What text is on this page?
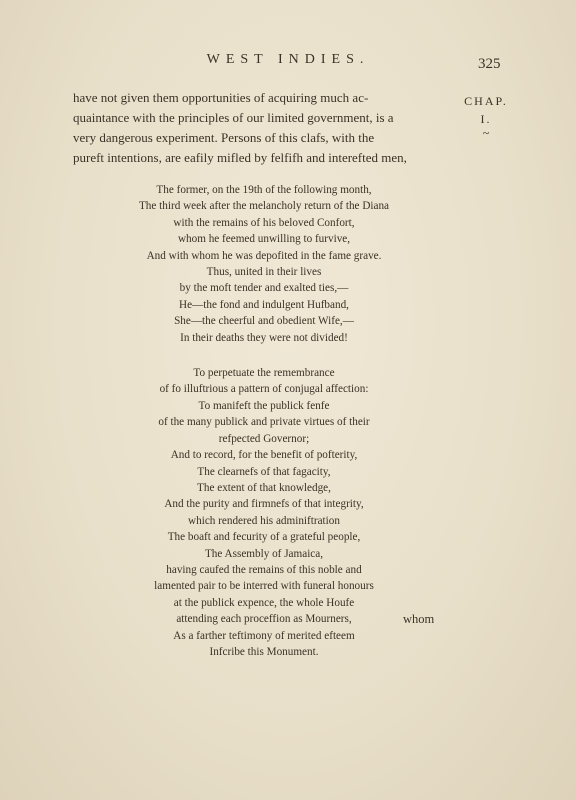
WEST INDIES.	325
CHAP.
I.
~
have not given them opportunities of acquiring much ac-
quaintance with the principles of our limited government, is a
very dangerous experiment. Persons of this clafs, with the
pureft intentions, are eafily mifled by felfifh and interefted men,
The former, on the 19th of the following month,
The third week after the melancholy return of the Diana
with the remains of his beloved Confort,
whom he feemed unwilling to furvive,
And with whom he was depofited in the fame grave.
Thus, united in their lives
by the moft tender and exalted ties,—
He—the fond and indulgent Hufband,
She—the cheerful and obedient Wife,—
In their deaths they were not divided!
To perpetuate the remembrance
of fo illuftrious a pattern of conjugal affection:
To manifeft the publick fenfe
of the many publick and private virtues of their
refpected Governor;
And to record, for the benefit of pofterity,
The clearnefs of that fagacity,
The extent of that knowledge,
And the purity and firmnefs of that integrity,
which rendered his adminiftration
The boaft and fecurity of a grateful people,
The Assembly of Jamaica,
having caufed the remains of this noble and
lamented pair to be interred with funeral honours
at the publick expence, the whole Houfe
attending each proceffion as Mourners,
As a farther teftimony of merited efteem
Infcribe this Monument.
whom
